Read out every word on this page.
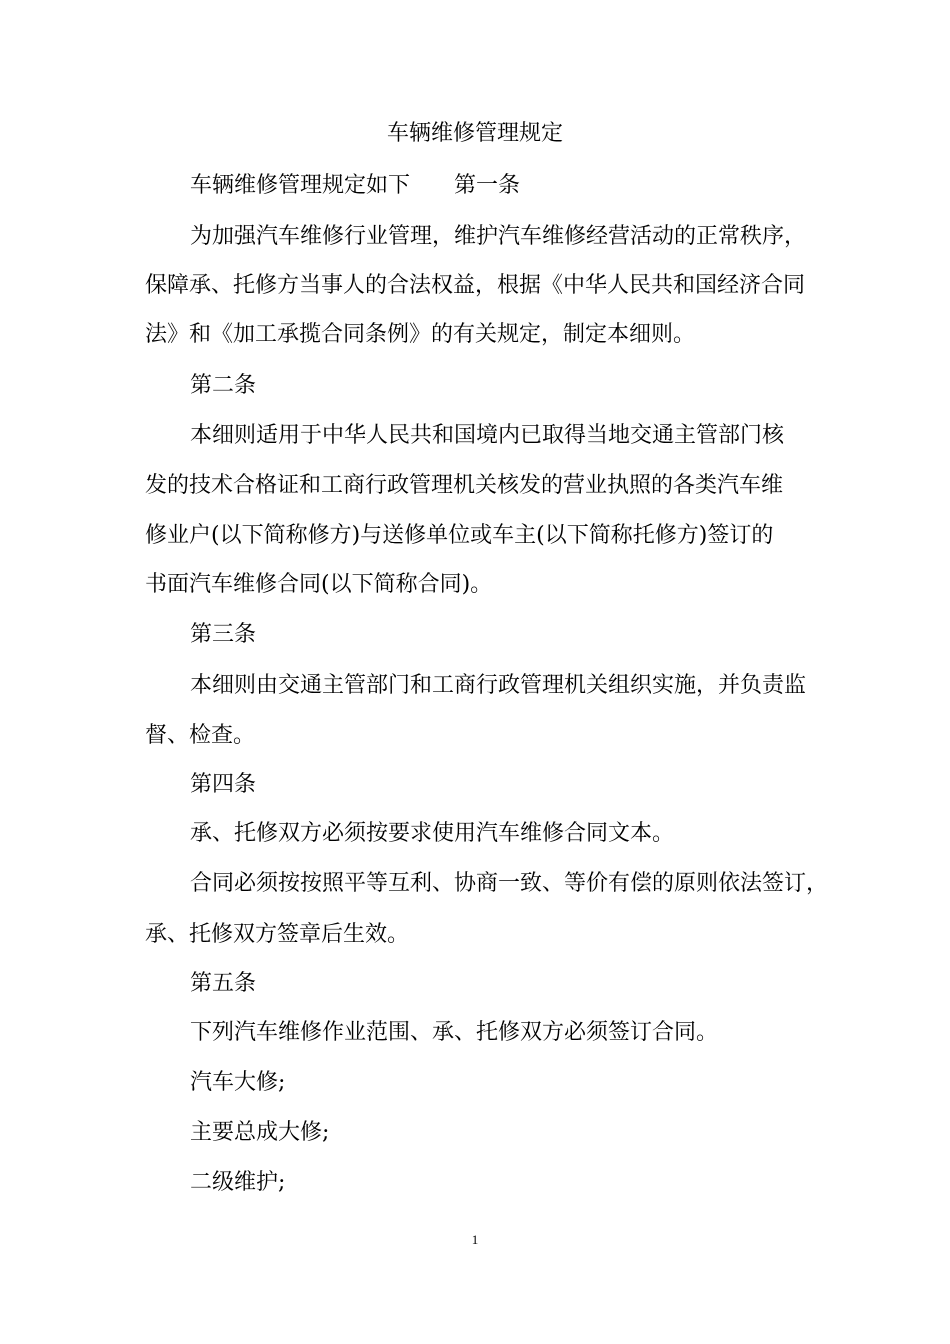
车辆维修管理规定

车辆维修管理规定如下 第一条

为加强汽车维修行业管理，维护汽车维修经营活动的正常秩序，

保障承、托修方当事人的合法权益，根据《中华人民共和国经济合同

法》和《加工承揽合同条例》的有关规定，制定本细则。

第二条

本细则适用于中华人民共和国境内已取得当地交通主管部门核

发的技术合格证和工商行政管理机关核发的营业执照的各类汽车维

修业户(以下简称修方)与送修单位或车主(以下简称托修方)签订的

书面汽车维修合同(以下简称合同)。

第三条

本细则由交通主管部门和工商行政管理机关组织实施，并负责监

督、检查。

第四条

承、托修双方必须按要求使用汽车维修合同文本。

合同必须按按照平等互利、协商一致、等价有偿的原则依法签订，

承、托修双方签章后生效。

第五条

下列汽车维修作业范围、承、托修双方必须签订合同。

汽车大修;

主要总成大修;

二级维护;

1
